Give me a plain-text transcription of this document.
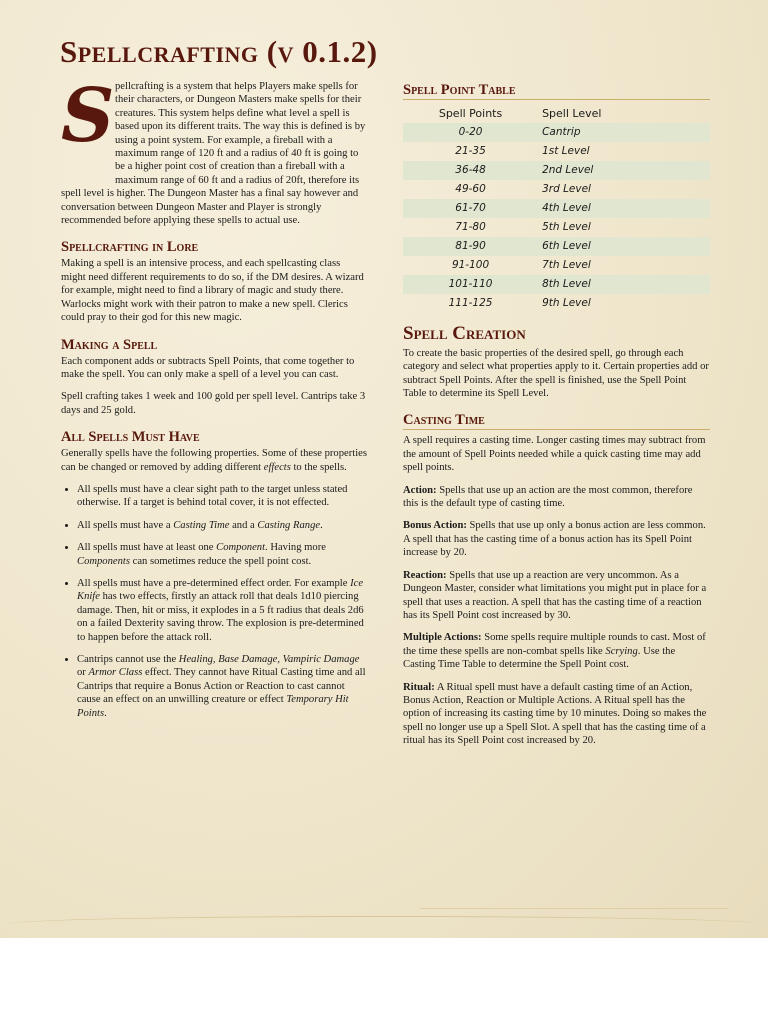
Spellcrafting (v 0.1.2)

Spellcrafting is a system that helps Players make spells for their characters, or Dungeon Masters make spells for their creatures. This system helps define what level a spell is based upon its different traits. The way this is defined is by using a point system. For example, a fireball with a maximum range of 120 ft and a radius of 40 ft is going to be a higher point cost of creation than a fireball with a maximum range of 60 ft and a radius of 20ft, therefore its spell level is higher. The Dungeon Master has a final say however and conversation between Dungeon Master and Player is strongly recommended before applying these spells to actual use.

Spellcrafting in Lore

Making a spell is an intensive process, and each spellcasting class might need different requirements to do so, if the DM desires. A wizard for example, might need to find a library of magic and study there. Warlocks might work with their patron to make a new spell. Clerics could pray to their god for this new magic.

Making a Spell

Each component adds or subtracts Spell Points, that come together to make the spell. You can only make a spell of a level you can cast.

Spell crafting takes 1 week and 100 gold per spell level. Cantrips take 3 days and 25 gold.

All Spells Must Have

Generally spells have the following properties. Some of these properties can be changed or removed by adding different effects to the spells.

• All spells must have a clear sight path to the target unless stated otherwise. If a target is behind total cover, it is not effected.
• All spells must have a Casting Time and a Casting Range.
• All spells must have at least one Component. Having more Components can sometimes reduce the spell point cost.
• All spells must have a pre-determined effect order. For example Ice Knife has two effects, firstly an attack roll that deals 1d10 piercing damage. Then, hit or miss, it explodes in a 5 ft radius that deals 2d6 on a failed Dexterity saving throw. The explosion is pre-determined to happen before the attack roll.
• Cantrips cannot use the Healing, Base Damage, Vampiric Damage or Armor Class effect. They cannot have Ritual Casting time and all Cantrips that require a Bonus Action or Reaction to cast cannot cause an effect on an unwilling creature or effect Temporary Hit Points.
Spell Point Table
Spell Points	Spell Level
0-20	Cantrip
21-35	1st Level
36-48	2nd Level
49-60	3rd Level
61-70	4th Level
71-80	5th Level
81-90	6th Level
91-100	7th Level
101-110	8th Level
111-125	9th Level
Spell Creation

To create the basic properties of the desired spell, go through each category and select what properties apply to it. Certain properties add or subtract Spell Points. After the spell is finished, use the Spell Point Table to determine its Spell Level.

Casting Time

A spell requires a casting time. Longer casting times may subtract from the amount of Spell Points needed while a quick casting time may add spell points.

Action: Spells that use up an action are the most common, therefore this is the default type of casting time.

Bonus Action: Spells that use up only a bonus action are less common. A spell that has the casting time of a bonus action has its Spell Point increase by 20.

Reaction: Spells that use up a reaction are very uncommon. As a Dungeon Master, consider what limitations you might put in place for a spell that uses a reaction. A spell that has the casting time of a reaction has its Spell Point cost increased by 30.

Multiple Actions: Some spells require multiple rounds to cast. Most of the time these spells are non-combat spells like Scrying. Use the Casting Time Table to determine the Spell Point cost.

Ritual: A Ritual spell must have a default casting time of an Action, Bonus Action, Reaction or Multiple Actions. A Ritual spell has the option of increasing its casting time by 10 minutes. Doing so makes the spell no longer use up a Spell Slot. A spell that has the casting time of a ritual has its Spell Point cost increased by 20.
